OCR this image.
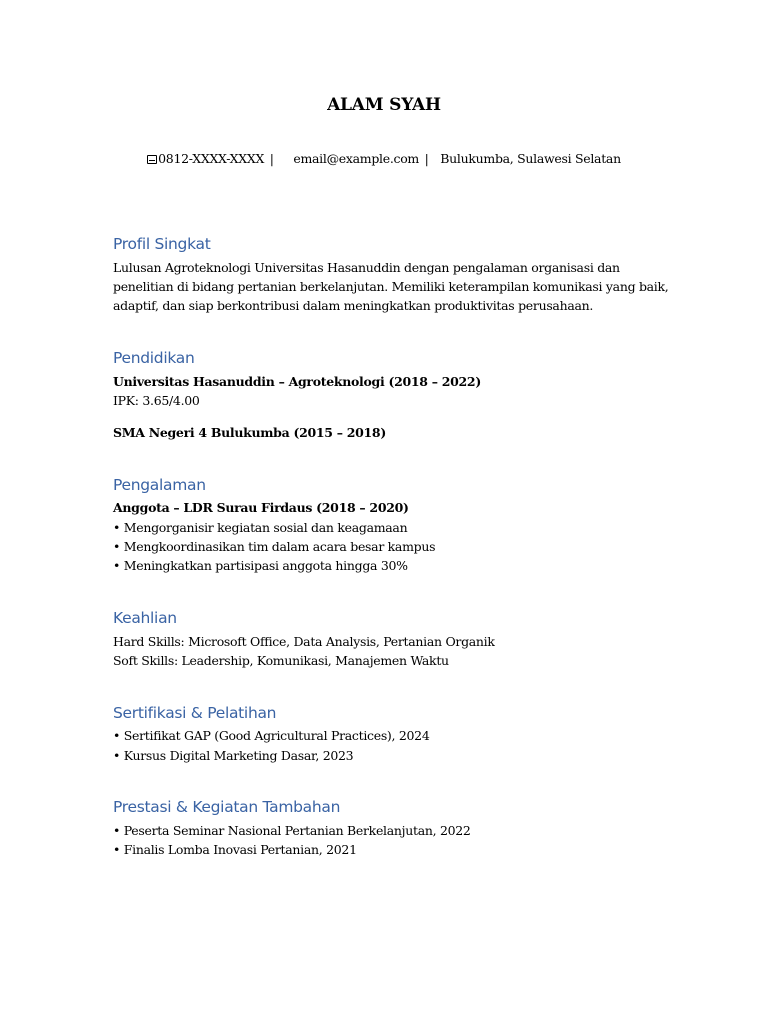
ALAM SYAH
0812-XXXX-XXXX | email@example.com | Bulukumba, Sulawesi Selatan
Profil Singkat
Lulusan Agroteknologi Universitas Hasanuddin dengan pengalaman organisasi dan
penelitian di bidang pertanian berkelanjutan. Memiliki keterampilan komunikasi yang baik,
adaptif, dan siap berkontribusi dalam meningkatkan produktivitas perusahaan.
Pendidikan
Universitas Hasanuddin – Agroteknologi (2018 – 2022)
IPK: 3.65/4.00
SMA Negeri 4 Bulukumba (2015 – 2018)
Pengalaman
Anggota – LDR Surau Firdaus (2018 – 2020)
• Mengorganisir kegiatan sosial dan keagamaan
• Mengkoordinasikan tim dalam acara besar kampus
• Meningkatkan partisipasi anggota hingga 30%
Keahlian
Hard Skills: Microsoft Office, Data Analysis, Pertanian Organik
Soft Skills: Leadership, Komunikasi, Manajemen Waktu
Sertifikasi & Pelatihan
• Sertifikat GAP (Good Agricultural Practices), 2024
• Kursus Digital Marketing Dasar, 2023
Prestasi & Kegiatan Tambahan
• Peserta Seminar Nasional Pertanian Berkelanjutan, 2022
• Finalis Lomba Inovasi Pertanian, 2021
